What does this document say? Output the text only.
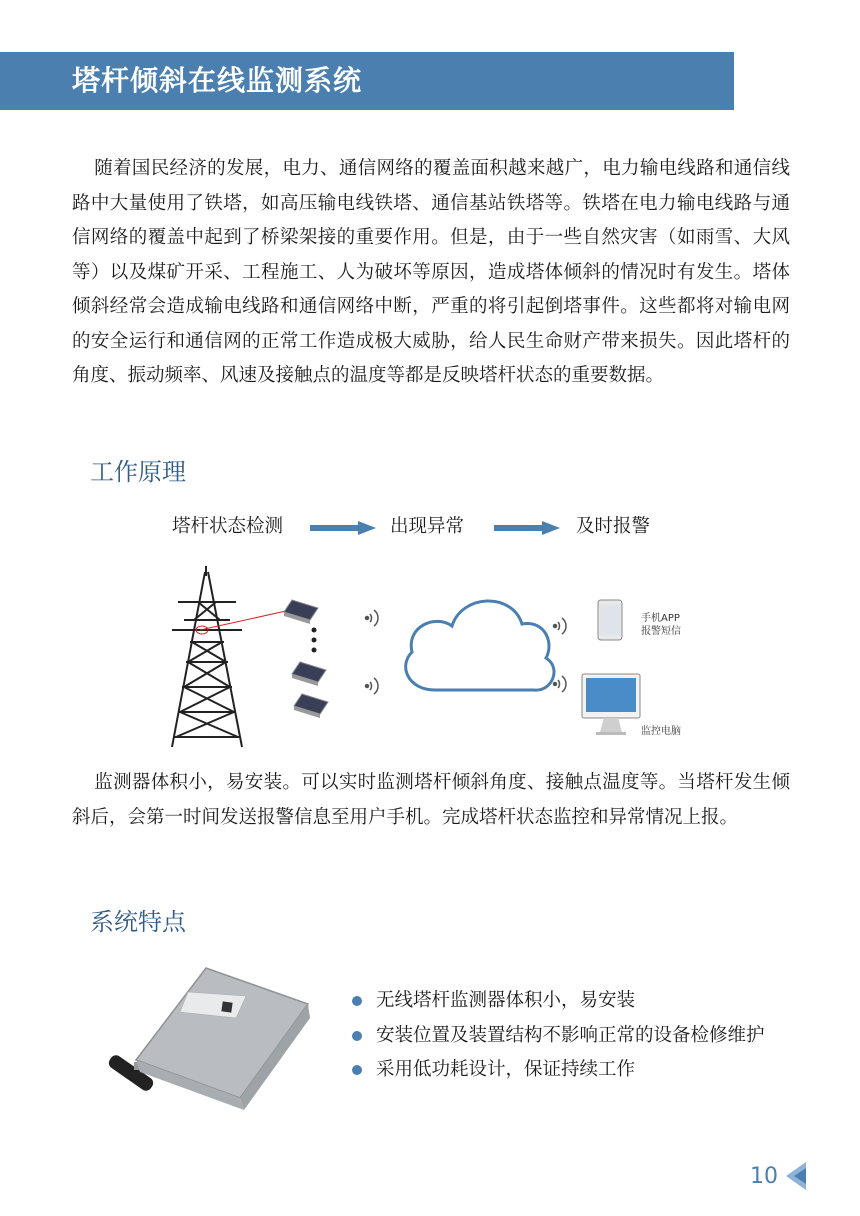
塔杆倾斜在线监测系统

随着国民经济的发展，电力、通信网络的覆盖面积越来越广，电力输电线路和通信线路中大量使用了铁塔，如高压输电线铁塔、通信基站铁塔等。铁塔在电力输电线路与通信网络的覆盖中起到了桥梁架接的重要作用。但是，由于一些自然灾害（如雨雪、大风等）以及煤矿开采、工程施工、人为破坏等原因，造成塔体倾斜的情况时有发生。塔体倾斜经常会造成输电线路和通信网络中断，严重的将引起倒塔事件。这些都将对输电网的安全运行和通信网的正常工作造成极大威胁，给人民生命财产带来损失。因此塔杆的角度、振动频率、风速及接触点的温度等都是反映塔杆状态的重要数据。

工作原理
塔杆状态检测	出现异常	及时报警
手机APP
报警短信
监控电脑

监测器体积小，易安装。可以实时监测塔杆倾斜角度、接触点温度等。当塔杆发生倾斜后，会第一时间发送报警信息至用户手机。完成塔杆状态监控和异常情况上报。

系统特点
无线塔杆监测器体积小，易安装
安装位置及装置结构不影响正常的设备检修维护
采用低功耗设计，保证持续工作
10
